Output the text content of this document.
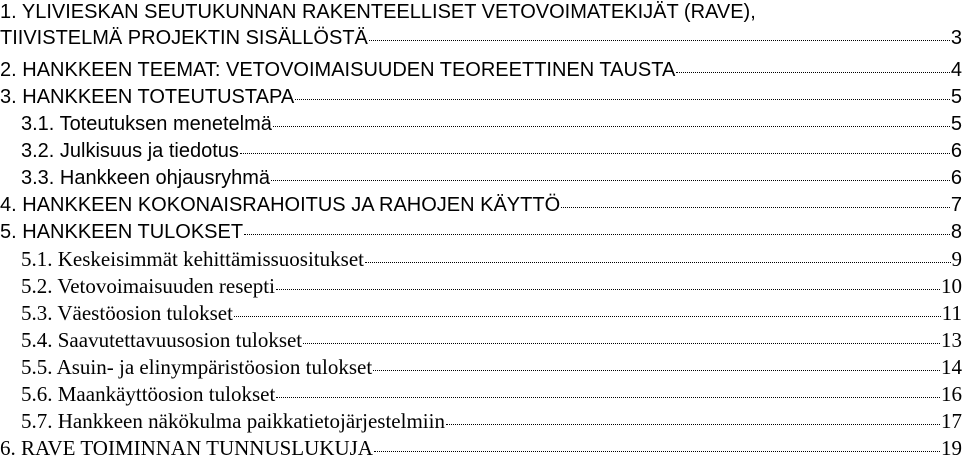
1. YLIVIESKAN SEUTUKUNNAN RAKENTEELLISET VETOVOIMATEKIJÄT (RAVE),
TIIVISTELMÄ PROJEKTIN SISÄLLÖSTÄ	3
2. HANKKEEN TEEMAT: VETOVOIMAISUUDEN TEOREETTINEN TAUSTA	4
3. HANKKEEN TOTEUTUSTAPA	5
3.1. Toteutuksen menetelmä	5
3.2. Julkisuus ja tiedotus	6
3.3. Hankkeen ohjausryhmä	6
4. HANKKEEN KOKONAISRAHOITUS JA RAHOJEN KÄYTTÖ	7
5. HANKKEEN TULOKSET	8
5.1. Keskeisimmät kehittämissuositukset	9
5.2. Vetovoimaisuuden resepti	10
5.3. Väestöosion tulokset	11
5.4. Saavutettavuusosion tulokset	13
5.5. Asuin- ja elinympäristöosion tulokset	14
5.6. Maankäyttöosion tulokset	16
5.7. Hankkeen näkökulma paikkatietojärjestelmiin	17
6. RAVE TOIMINNAN TUNNUSLUKUJA	19
